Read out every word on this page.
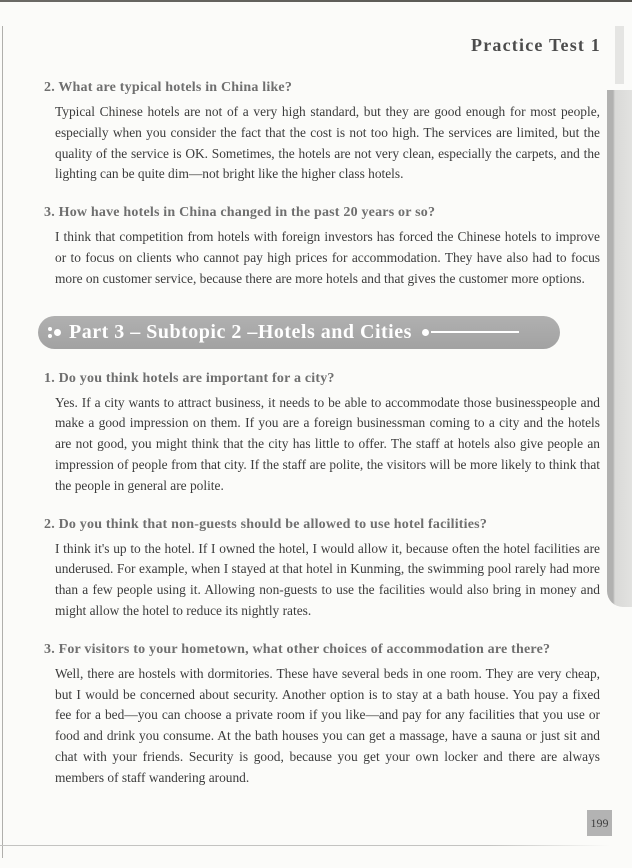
Practice Test 1
2. What are typical hotels in China like?
Typical Chinese hotels are not of a very high standard, but they are good enough for most people, especially when you consider the fact that the cost is not too high. The services are limited, but the quality of the service is OK. Sometimes, the hotels are not very clean, especially the carpets, and the lighting can be quite dim—not bright like the higher class hotels.
3. How have hotels in China changed in the past 20 years or so?
I think that competition from hotels with foreign investors has forced the Chinese hotels to improve or to focus on clients who cannot pay high prices for accommodation. They have also had to focus more on customer service, because there are more hotels and that gives the customer more options.
Part 3 – Subtopic 2 –Hotels and Cities
1. Do you think hotels are important for a city?
Yes. If a city wants to attract business, it needs to be able to accommodate those businesspeople and make a good impression on them. If you are a foreign businessman coming to a city and the hotels are not good, you might think that the city has little to offer. The staff at hotels also give people an impression of people from that city. If the staff are polite, the visitors will be more likely to think that the people in general are polite.
2. Do you think that non-guests should be allowed to use hotel facilities?
I think it's up to the hotel. If I owned the hotel, I would allow it, because often the hotel facilities are underused. For example, when I stayed at that hotel in Kunming, the swimming pool rarely had more than a few people using it. Allowing non-guests to use the facilities would also bring in money and might allow the hotel to reduce its nightly rates.
3. For visitors to your hometown, what other choices of accommodation are there?
Well, there are hostels with dormitories. These have several beds in one room. They are very cheap, but I would be concerned about security. Another option is to stay at a bath house. You pay a fixed fee for a bed—you can choose a private room if you like—and pay for any facilities that you use or food and drink you consume. At the bath houses you can get a massage, have a sauna or just sit and chat with your friends. Security is good, because you get your own locker and there are always members of staff wandering around.
199
